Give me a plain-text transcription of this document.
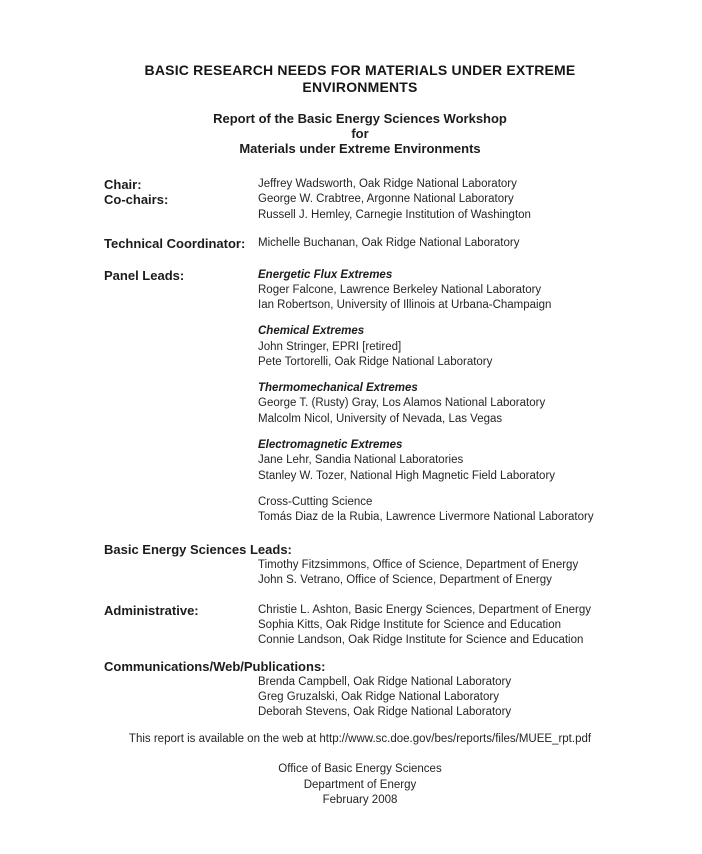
BASIC RESEARCH NEEDS FOR MATERIALS UNDER EXTREME
ENVIRONMENTS
Report of the Basic Energy Sciences Workshop
for
Materials under Extreme Environments
Chair:	Jeffrey Wadsworth, Oak Ridge National Laboratory
Co-chairs:	George W. Crabtree, Argonne National Laboratory
Russell J. Hemley, Carnegie Institution of Washington
Technical Coordinator:	Michelle Buchanan, Oak Ridge National Laboratory
Panel Leads:	Energetic Flux Extremes
Roger Falcone, Lawrence Berkeley National Laboratory
Ian Robertson, University of Illinois at Urbana-Champaign
Chemical Extremes
John Stringer, EPRI [retired]
Pete Tortorelli, Oak Ridge National Laboratory
Thermomechanical Extremes
George T. (Rusty) Gray, Los Alamos National Laboratory
Malcolm Nicol, University of Nevada, Las Vegas
Electromagnetic Extremes
Jane Lehr, Sandia National Laboratories
Stanley W. Tozer, National High Magnetic Field Laboratory
Cross-Cutting Science
Tomás Diaz de la Rubia, Lawrence Livermore National Laboratory
Basic Energy Sciences Leads:
Timothy Fitzsimmons, Office of Science, Department of Energy
John S. Vetrano, Office of Science, Department of Energy
Administrative:	Christie L. Ashton, Basic Energy Sciences, Department of Energy
Sophia Kitts, Oak Ridge Institute for Science and Education
Connie Landson, Oak Ridge Institute for Science and Education
Communications/Web/Publications:
Brenda Campbell, Oak Ridge National Laboratory
Greg Gruzalski, Oak Ridge National Laboratory
Deborah Stevens, Oak Ridge National Laboratory
This report is available on the web at http://www.sc.doe.gov/bes/reports/files/MUEE_rpt.pdf
Office of Basic Energy Sciences
Department of Energy
February 2008
